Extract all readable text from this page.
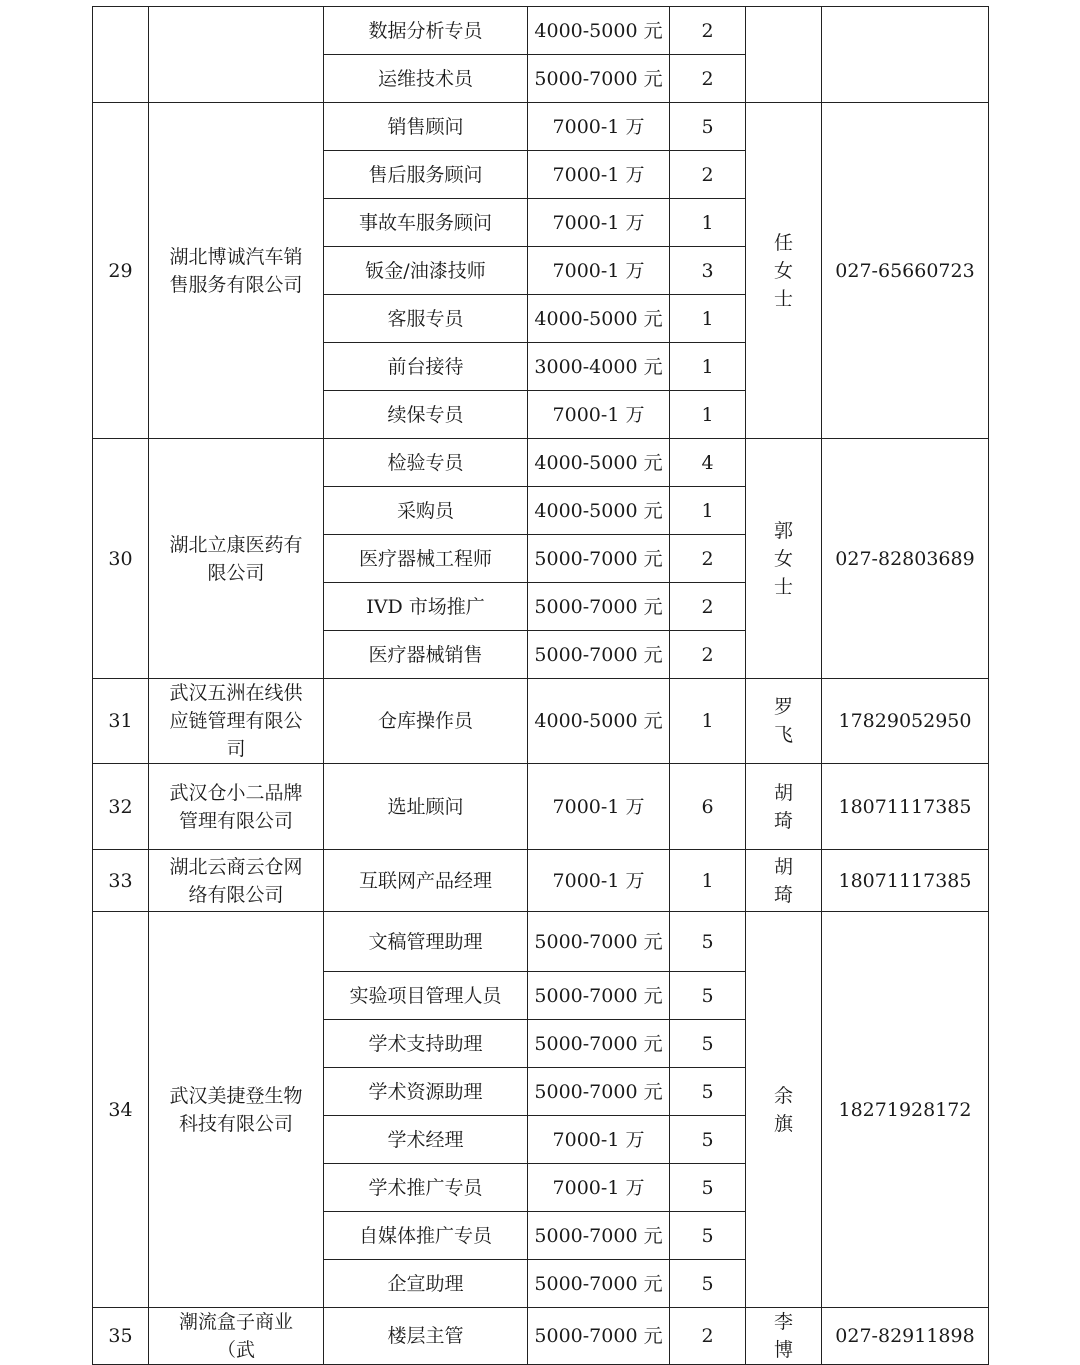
		数据分析专员	4000-5000 元	2		
		运维技术员	5000-7000 元	2		
29	湖北博诚汽车销售服务有限公司	销售顾问	7000-1 万	5	任女士	027-65660723
		售后服务顾问	7000-1 万	2		
		事故车服务顾问	7000-1 万	1		
		钣金/油漆技师	7000-1 万	3		
		客服专员	4000-5000 元	1		
		前台接待	3000-4000 元	1		
		续保专员	7000-1 万	1		
30	湖北立康医药有限公司	检验专员	4000-5000 元	4	郭女士	027-82803689
		采购员	4000-5000 元	1		
		医疗器械工程师	5000-7000 元	2		
		IVD 市场推广	5000-7000 元	2		
		医疗器械销售	5000-7000 元	2		
31	武汉五洲在线供应链管理有限公司	仓库操作员	4000-5000 元	1	罗飞	17829052950
32	武汉仓小二品牌管理有限公司	选址顾问	7000-1 万	6	胡琦	18071117385
33	湖北云商云仓网络有限公司	互联网产品经理	7000-1 万	1	胡琦	18071117385
34	武汉美捷登生物科技有限公司	文稿管理助理	5000-7000 元	5	余旗	18271928172
		实验项目管理人员	5000-7000 元	5		
		学术支持助理	5000-7000 元	5		
		学术资源助理	5000-7000 元	5		
		学术经理	7000-1 万	5		
		学术推广专员	7000-1 万	5		
		自媒体推广专员	5000-7000 元	5		
		企宣助理	5000-7000 元	5		
35	潮流盒子商业（武	楼层主管	5000-7000 元	2	李博	027-82911898
